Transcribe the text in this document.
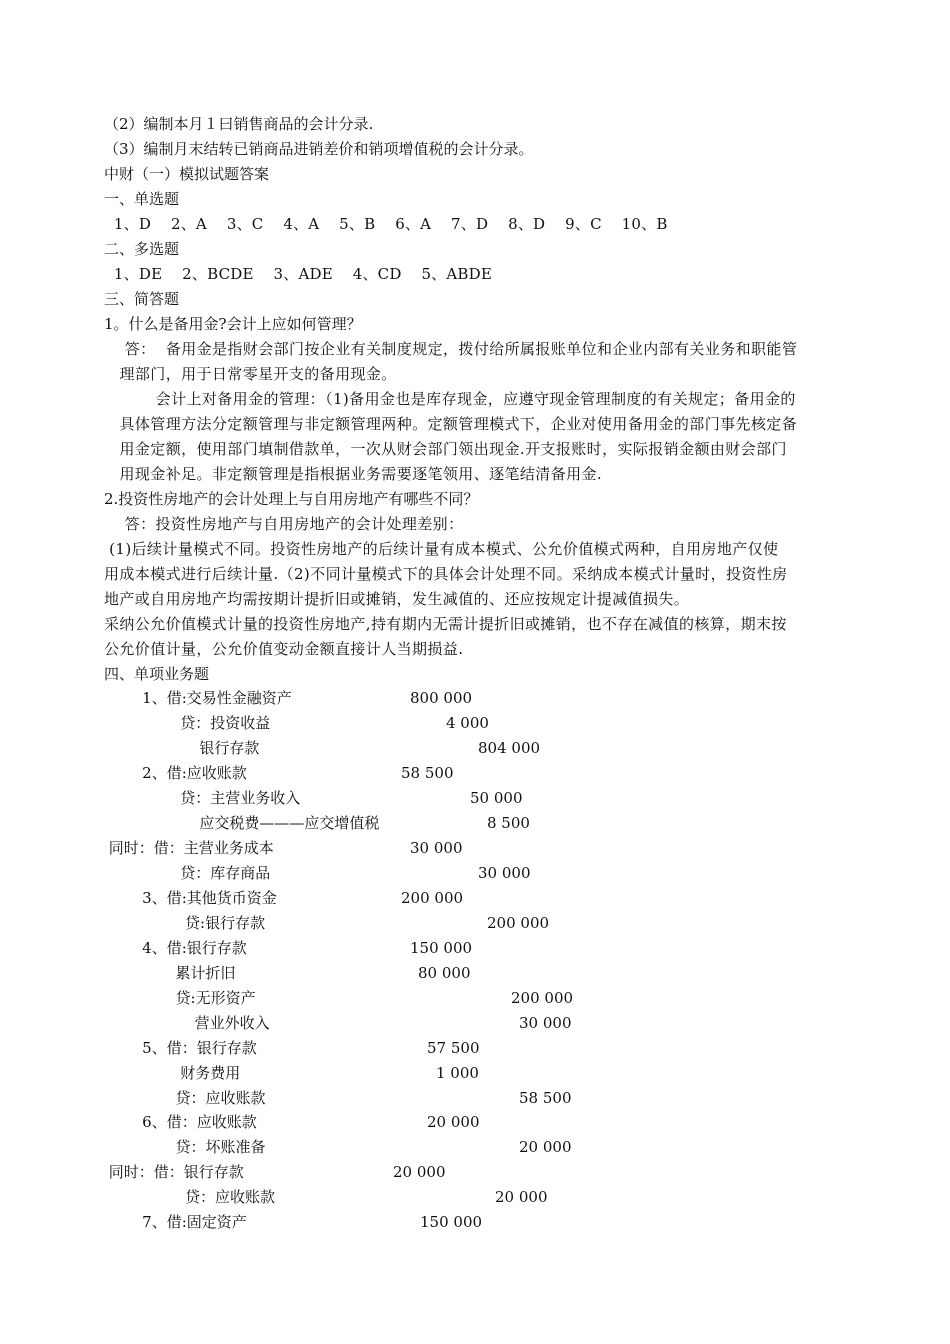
（2）编制本月１曰销售商品的会计分录.
（3）编制月末结转已销商品进销差价和销项增值税的会计分录。
中财（一）模拟试题答案
一、单选题
1、D    2、A    3、C    4、A    5、B    6、A    7、D    8、D    9、C    10、B
二、多选题
1、DE    2、BCDE    3、ADE    4、CD    5、ABDE
三、简答题
1。什么是备用金?会计上应如何管理？
答：  备用金是指财会部门按企业有关制度规定，拨付给所属报账单位和企业内部有关业务和职能管
理部门，用于日常零星开支的备用现金。
会计上对备用金的管理：（1)备用金也是库存现金，应遵守现金管理制度的有关规定；备用金的
具体管理方法分定额管理与非定额管理两种。定额管理模式下，企业对使用备用金的部门事先核定备
用金定额，使用部门填制借款单，一次从财会部门领出现金.开支报账时，实际报销金额由财会部门
用现金补足。非定额管理是指根据业务需要逐笔领用、逐笔结清备用金.
2.投资性房地产的会计处理上与自用房地产有哪些不同？
答：投资性房地产与自用房地产的会计处理差别：
(1)后续计量模式不同。投资性房地产的后续计量有成本模式、公允价值模式两种，自用房地产仅使
用成本模式进行后续计量.（2)不同计量模式下的具体会计处理不同。采纳成本模式计量时，投资性房
地产或自用房地产均需按期计提折旧或摊销，发生减值的、还应按规定计提减值损失。
采纳公允价值模式计量的投资性房地产,持有期内无需计提折旧或摊销，也不存在减值的核算，期末按
公允价值计量，公允价值变动金额直接计人当期损益.
四、单项业务题
1、借:交易性金融资产	800 000
贷：投资收益	4 000
银行存款	804 000
2、借:应收账款	58 500
贷：主营业务收入	50 000
应交税费———应交增值税	8 500
同时：借：主营业务成本	30 000
贷：库存商品	30 000
3、借:其他货币资金	200 000
贷:银行存款	200 000
4、借:银行存款	150 000
累计折旧	80 000
贷:无形资产	200 000
营业外收入	30 000
5、借：银行存款	57 500
财务费用	1 000
贷：应收账款	58 500
6、借：应收账款	20 000
贷：坏账准备	20 000
同时：借：银行存款	20 000
贷：应收账款	20 000
7、借:固定资产	150 000
